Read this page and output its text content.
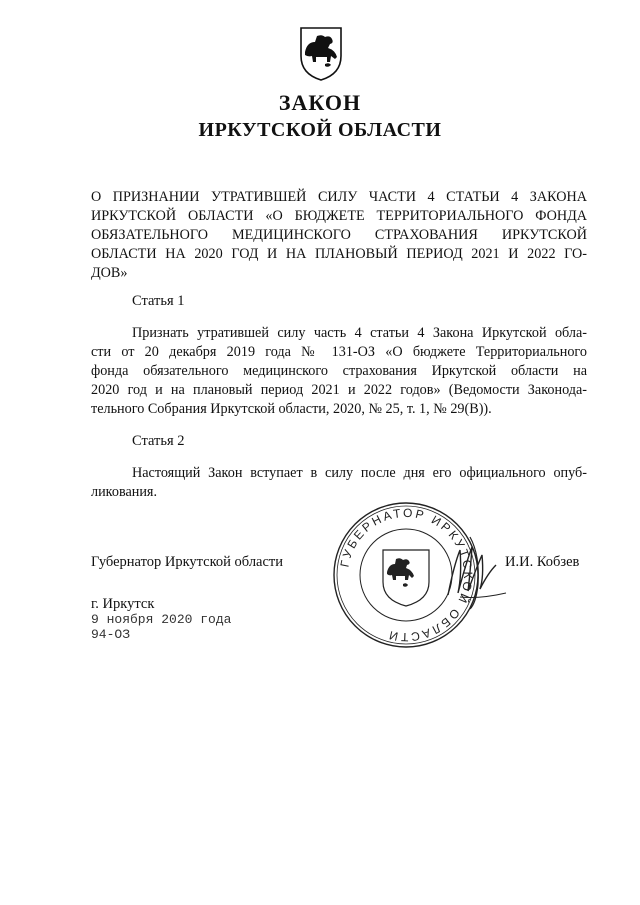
ЗАКОН
ИРКУТСКОЙ ОБЛАСТИ
О ПРИЗНАНИИ УТРАТИВШЕЙ СИЛУ ЧАСТИ 4 СТАТЬИ 4 ЗАКОНА
ИРКУТСКОЙ ОБЛАСТИ «О БЮДЖЕТЕ ТЕРРИТОРИАЛЬНОГО ФОНДА
ОБЯЗАТЕЛЬНОГО МЕДИЦИНСКОГО СТРАХОВАНИЯ ИРКУТСКОЙ
ОБЛАСТИ НА 2020 ГОД И НА ПЛАНОВЫЙ ПЕРИОД 2021 И 2022 ГО-
ДОВ»
Статья 1
Признать утратившей силу часть 4 статьи 4 Закона Иркутской обла-
сти от 20 декабря 2019 года № 131-ОЗ «О бюджете Территориального
фонда обязательного медицинского страхования Иркутской области на
2020 год и на плановый период 2021 и 2022 годов» (Ведомости Законода-
тельного Собрания Иркутской области, 2020, № 25, т. 1, № 29(В)).
Статья 2
Настоящий Закон вступает в силу после дня его официального опуб-
ликования.
ГУБЕРНАТОР ИРКУТСКОЙ ОБЛАСТИ
Губернатор Иркутской области	И.И. Кобзев
г. Иркутск
9 ноября 2020 года
94-ОЗ
